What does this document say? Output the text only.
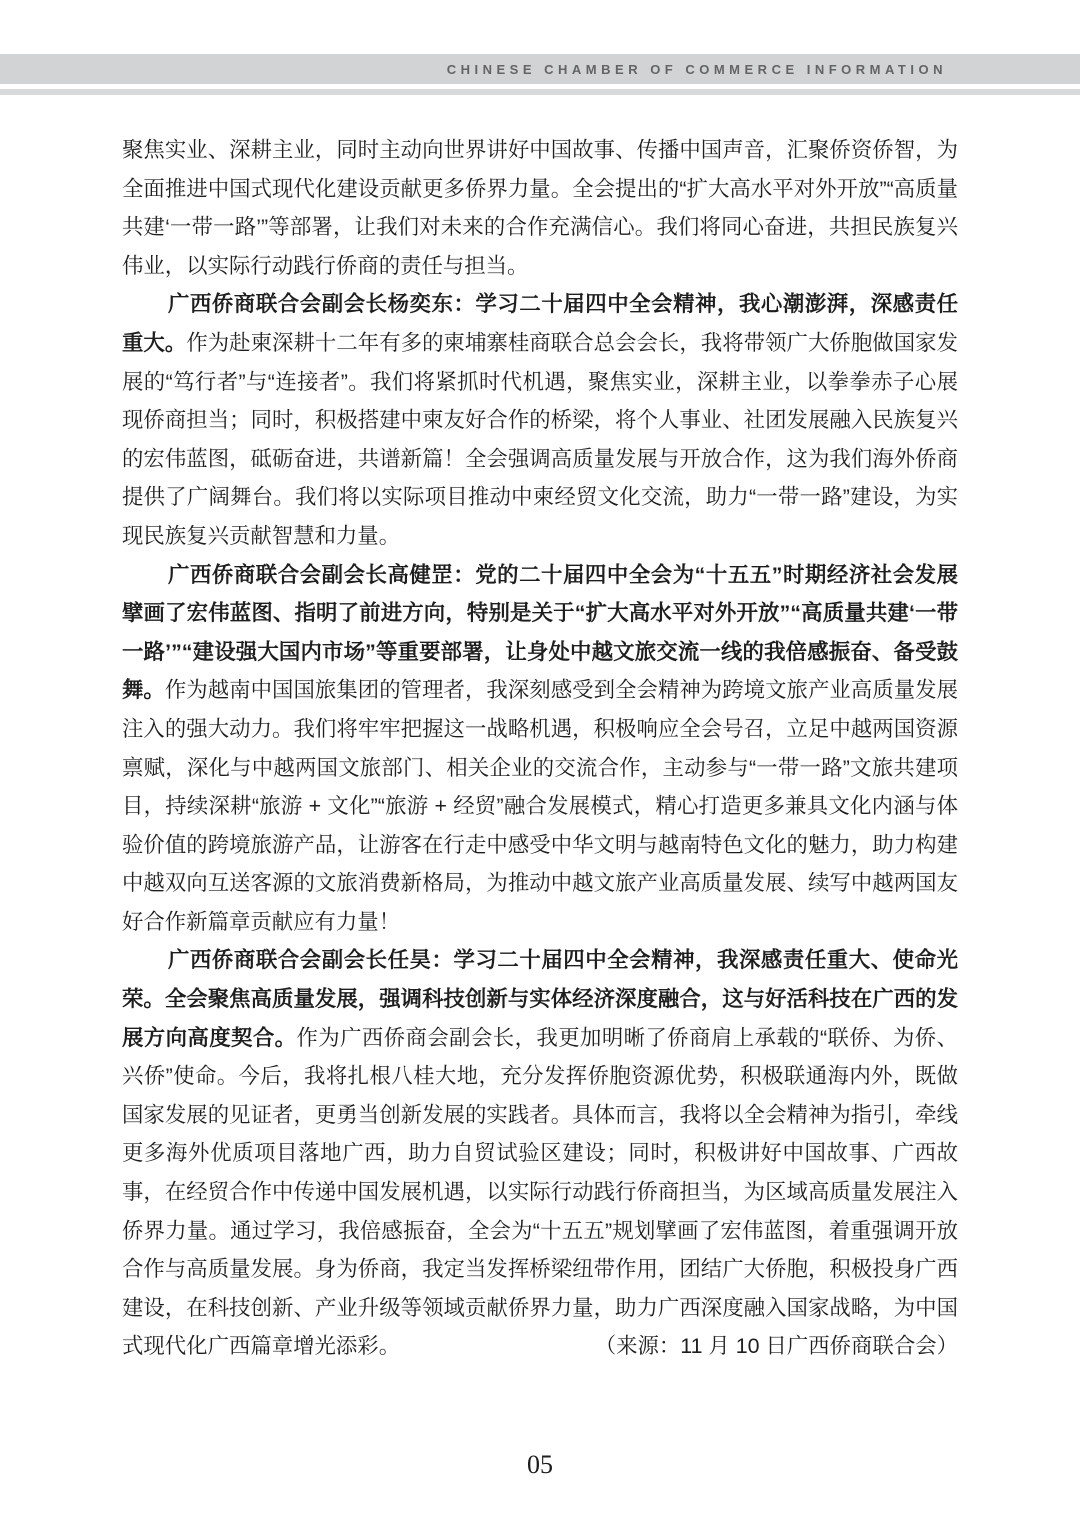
CHINESE CHAMBER OF COMMERCE INFORMATION

聚焦实业、深耕主业，同时主动向世界讲好中国故事、传播中国声音，汇聚侨资侨智，为全面推进中国式现代化建设贡献更多侨界力量。全会提出的“扩大高水平对外开放”“高质量共建‘一带一路’”等部署，让我们对未来的合作充满信心。我们将同心奋进，共担民族复兴伟业，以实际行动践行侨商的责任与担当。

广西侨商联合会副会长杨奕东：学习二十届四中全会精神，我心潮澎湃，深感责任重大。作为赴柬深耕十二年有多的柬埔寨桂商联合总会会长，我将带领广大侨胞做国家发展的“笃行者”与“连接者”。我们将紧抓时代机遇，聚焦实业，深耕主业，以拳拳赤子心展现侨商担当；同时，积极搭建中柬友好合作的桥梁，将个人事业、社团发展融入民族复兴的宏伟蓝图，砥砺奋进，共谱新篇！全会强调高质量发展与开放合作，这为我们海外侨商提供了广阔舞台。我们将以实际项目推动中柬经贸文化交流，助力“一带一路”建设，为实现民族复兴贡献智慧和力量。

广西侨商联合会副会长高健罡：党的二十届四中全会为“十五五”时期经济社会发展擘画了宏伟蓝图、指明了前进方向，特别是关于“扩大高水平对外开放”“高质量共建‘一带一路’”“建设强大国内市场”等重要部署，让身处中越文旅交流一线的我倍感振奋、备受鼓舞。作为越南中国国旅集团的管理者，我深刻感受到全会精神为跨境文旅产业高质量发展注入的强大动力。我们将牢牢把握这一战略机遇，积极响应全会号召，立足中越两国资源禀赋，深化与中越两国文旅部门、相关企业的交流合作，主动参与“一带一路”文旅共建项目，持续深耕“旅游 + 文化”“旅游 + 经贸”融合发展模式，精心打造更多兼具文化内涵与体验价值的跨境旅游产品，让游客在行走中感受中华文明与越南特色文化的魅力，助力构建中越双向互送客源的文旅消费新格局，为推动中越文旅产业高质量发展、续写中越两国友好合作新篇章贡献应有力量！

广西侨商联合会副会长任昊：学习二十届四中全会精神，我深感责任重大、使命光荣。全会聚焦高质量发展，强调科技创新与实体经济深度融合，这与好活科技在广西的发展方向高度契合。作为广西侨商会副会长，我更加明晰了侨商肩上承载的“联侨、为侨、兴侨”使命。今后，我将扎根八桂大地，充分发挥侨胞资源优势，积极联通海内外，既做国家发展的见证者，更勇当创新发展的实践者。具体而言，我将以全会精神为指引，牵线更多海外优质项目落地广西，助力自贸试验区建设；同时，积极讲好中国故事、广西故事，在经贸合作中传递中国发展机遇，以实际行动践行侨商担当，为区域高质量发展注入侨界力量。通过学习，我倍感振奋，全会为“十五五”规划擘画了宏伟蓝图，着重强调开放合作与高质量发展。身为侨商，我定当发挥桥梁纽带作用，团结广大侨胞，积极投身广西建设，在科技创新、产业升级等领域贡献侨界力量，助力广西深度融入国家战略，为中国式现代化广西篇章增光添彩。	（来源：11 月 10 日广西侨商联合会）
05
